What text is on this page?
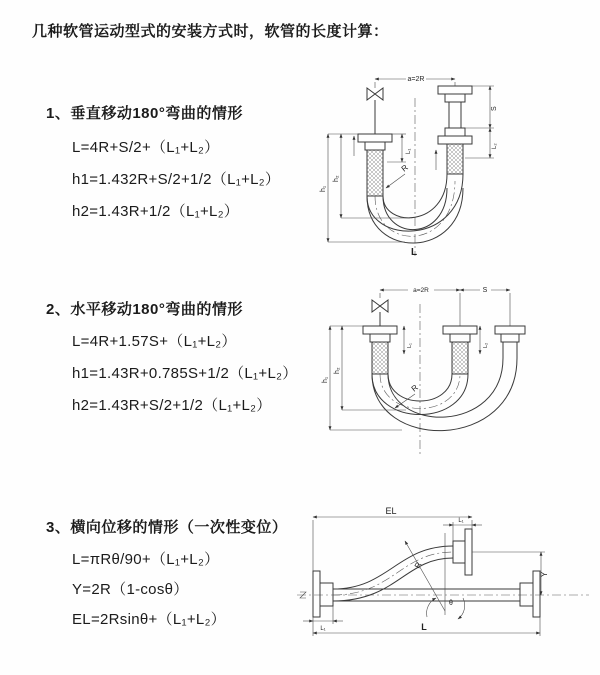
几种软管运动型式的安装方式时，软管的长度计算：
1、垂直移动180°弯曲的情形
L=4R+S/2+（L₁+L₂）
h1=1.432R+S/2+1/2（L₁+L₂）
h2=1.43R+1/2（L₁+L₂）
2、水平移动180°弯曲的情形
L=4R+1.57S+（L₁+L₂）
h1=1.43R+0.785S+1/2（L₁+L₂）
h2=1.43R+S/2+1/2（L₁+L₂）
3、横向位移的情形（一次性变位）
L=πRθ/90+（L₁+L₂）
Y=2R（1-cosθ）
EL=2Rsinθ+（L₁+L₂）
a=2R
h₁
h₂
L₁
S
L₂
R
L
a=2R	S
h₁
h₂
L₁	L₂
R
EL
L₁
Y
L
L₁
R
θ
